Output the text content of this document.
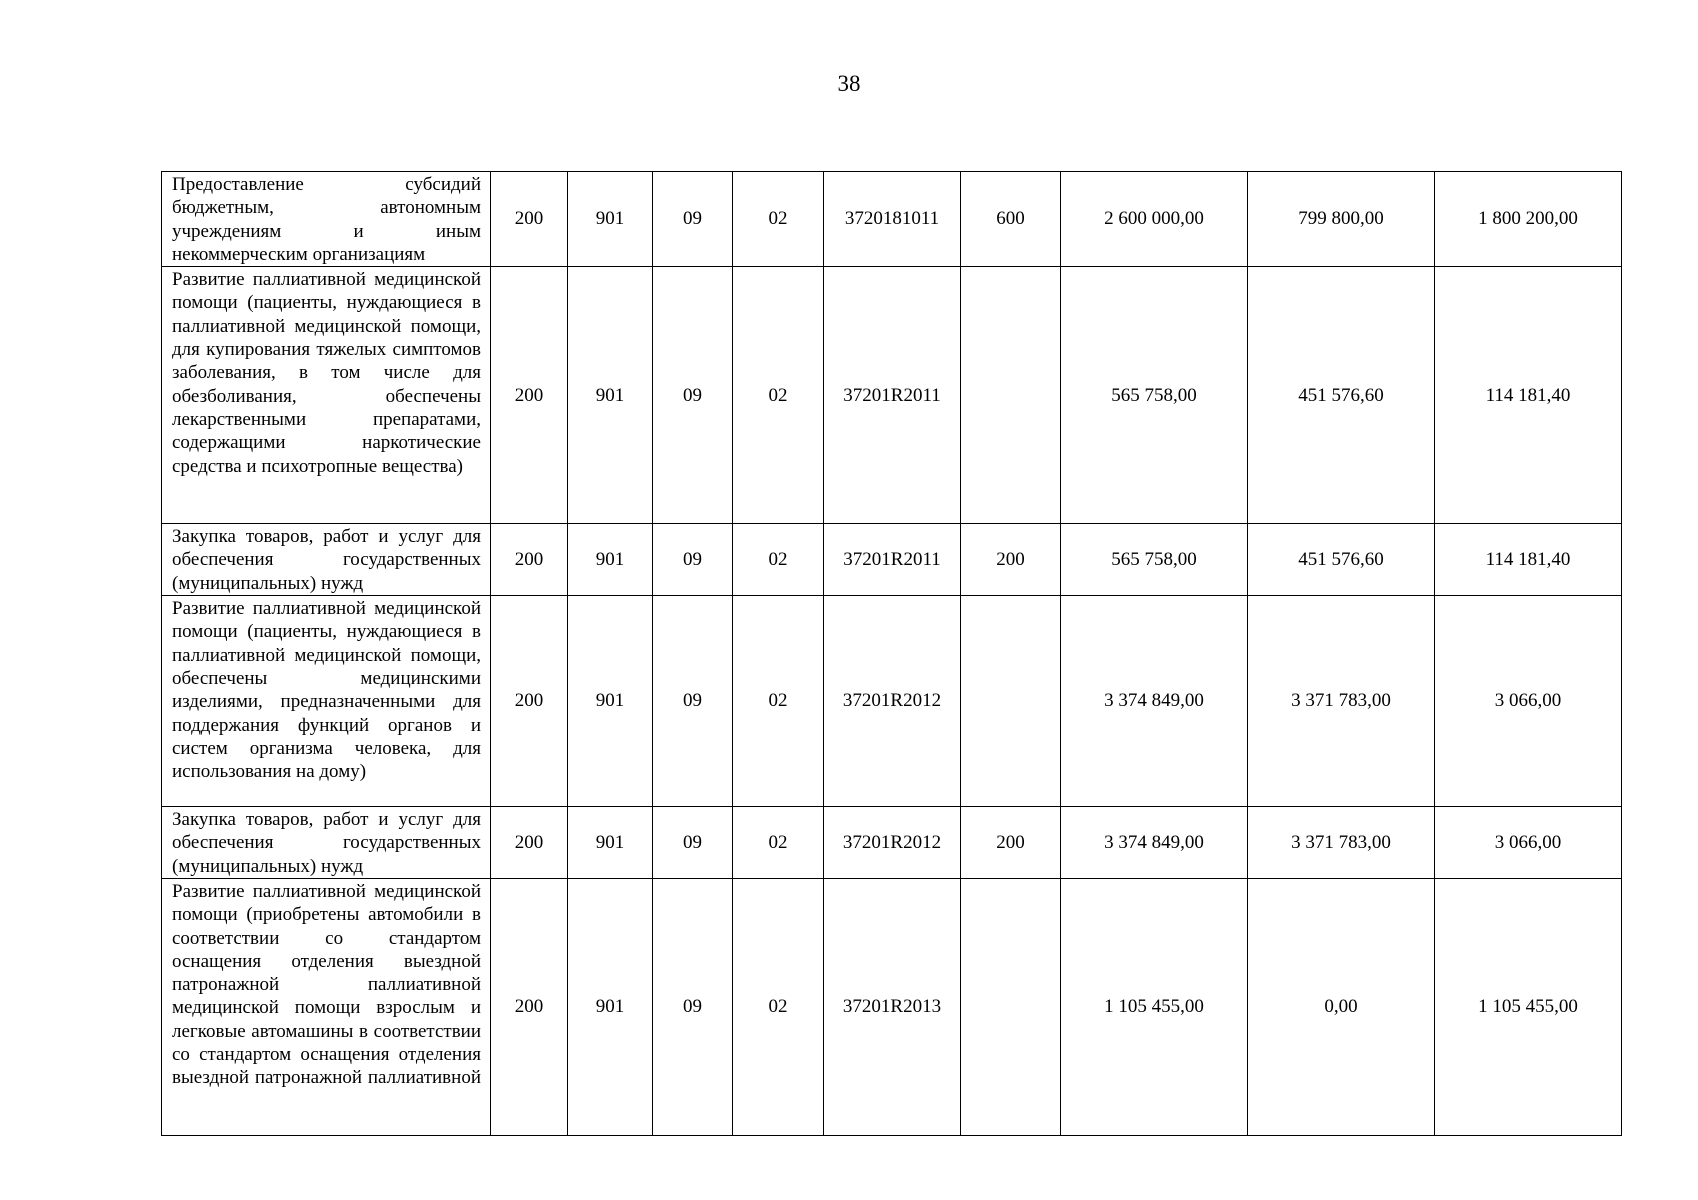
38
Предоставление субсидий бюджетным, автономным учреждениям и иным некоммерческим организациям	200	901	09	02	3720181011	600	2 600 000,00	799 800,00	1 800 200,00
Развитие паллиативной медицинской помощи (пациенты, нуждающиеся в паллиативной медицинской помощи, для купирования тяжелых симптомов заболевания, в том числе для обезболивания, обеспечены лекарственными препаратами, содержащими наркотические средства и психотропные вещества)	200	901	09	02	37201R2011		565 758,00	451 576,60	114 181,40
Закупка товаров, работ и услуг для обеспечения государственных (муниципальных) нужд	200	901	09	02	37201R2011	200	565 758,00	451 576,60	114 181,40
Развитие паллиативной медицинской помощи (пациенты, нуждающиеся в паллиативной медицинской помощи, обеспечены медицинскими изделиями, предназначенными для поддержания функций органов и систем организма человека, для использования на дому)	200	901	09	02	37201R2012		3 374 849,00	3 371 783,00	3 066,00
Закупка товаров, работ и услуг для обеспечения государственных (муниципальных) нужд	200	901	09	02	37201R2012	200	3 374 849,00	3 371 783,00	3 066,00
Развитие паллиативной медицинской помощи (приобретены автомобили в соответствии со стандартом оснащения отделения выездной патронажной паллиативной медицинской помощи взрослым и легковые автомашины в соответствии со стандартом оснащения отделения выездной патронажной паллиативной	200	901	09	02	37201R2013		1 105 455,00	0,00	1 105 455,00
